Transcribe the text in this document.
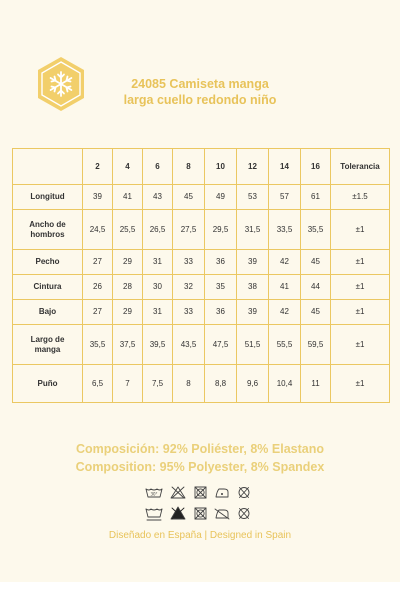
24085 Camiseta manga
larga cuello redondo niño
	2	4	6	8	10	12	14	16	Tolerancia
Longitud	39	41	43	45	49	53	57	61	±1.5

Ancho de
hombros	24,5	25,5	26,5	27,5	29,5	31,5	33,5	35,5	±1
Pecho	27	29	31	33	36	39	42	45	±1
Cintura	26	28	30	32	35	38	41	44	±1
Bajo	27	29	31	33	36	39	42	45	±1

Largo de
manga	35,5	37,5	39,5	43,5	47,5	51,5	55,5	59,5	±1
Puño	6,5	7	7,5	8	8,8	9,6	10,4	11	±1
Composición: 92% Poliéster, 8% Elastano
Composition: 95% Polyester, 8% Spandex
30°
Diseñado en España | Designed in Spain
